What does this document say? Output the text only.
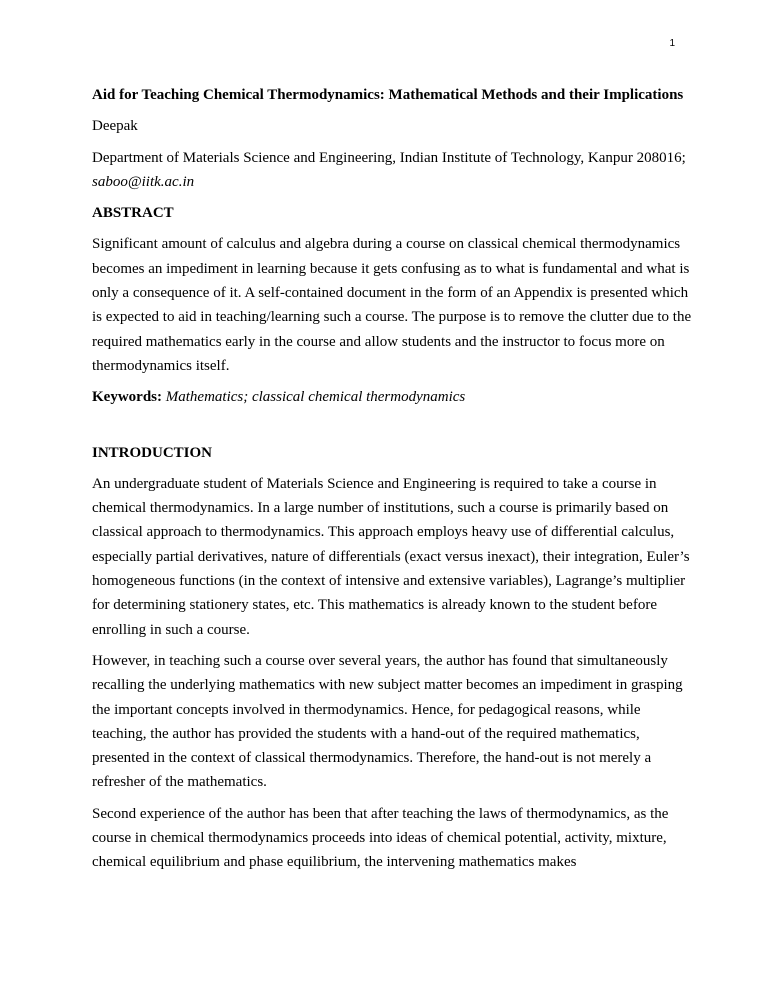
1
Aid for Teaching Chemical Thermodynamics: Mathematical Methods and their Implications

Deepak

Department of Materials Science and Engineering, Indian Institute of Technology, Kanpur 208016; saboo@iitk.ac.in

ABSTRACT

Significant amount of calculus and algebra during a course on classical chemical thermodynamics becomes an impediment in learning because it gets confusing as to what is fundamental and what is only a consequence of it. A self-contained document in the form of an Appendix is presented which is expected to aid in teaching/learning such a course. The purpose is to remove the clutter due to the required mathematics early in the course and allow students and the instructor to focus more on thermodynamics itself.

Keywords: Mathematics; classical chemical thermodynamics

INTRODUCTION

An undergraduate student of Materials Science and Engineering is required to take a course in chemical thermodynamics. In a large number of institutions, such a course is primarily based on classical approach to thermodynamics. This approach employs heavy use of differential calculus, especially partial derivatives, nature of differentials (exact versus inexact), their integration, Euler’s homogeneous functions (in the context of intensive and extensive variables), Lagrange’s multiplier for determining stationery states, etc. This mathematics is already known to the student before enrolling in such a course.

However, in teaching such a course over several years, the author has found that simultaneously recalling the underlying mathematics with new subject matter becomes an impediment in grasping the important concepts involved in thermodynamics. Hence, for pedagogical reasons, while teaching, the author has provided the students with a hand-out of the required mathematics, presented in the context of classical thermodynamics. Therefore, the hand-out is not merely a refresher of the mathematics.

Second experience of the author has been that after teaching the laws of thermodynamics, as the course in chemical thermodynamics proceeds into ideas of chemical potential, activity, mixture, chemical equilibrium and phase equilibrium, the intervening mathematics makes
